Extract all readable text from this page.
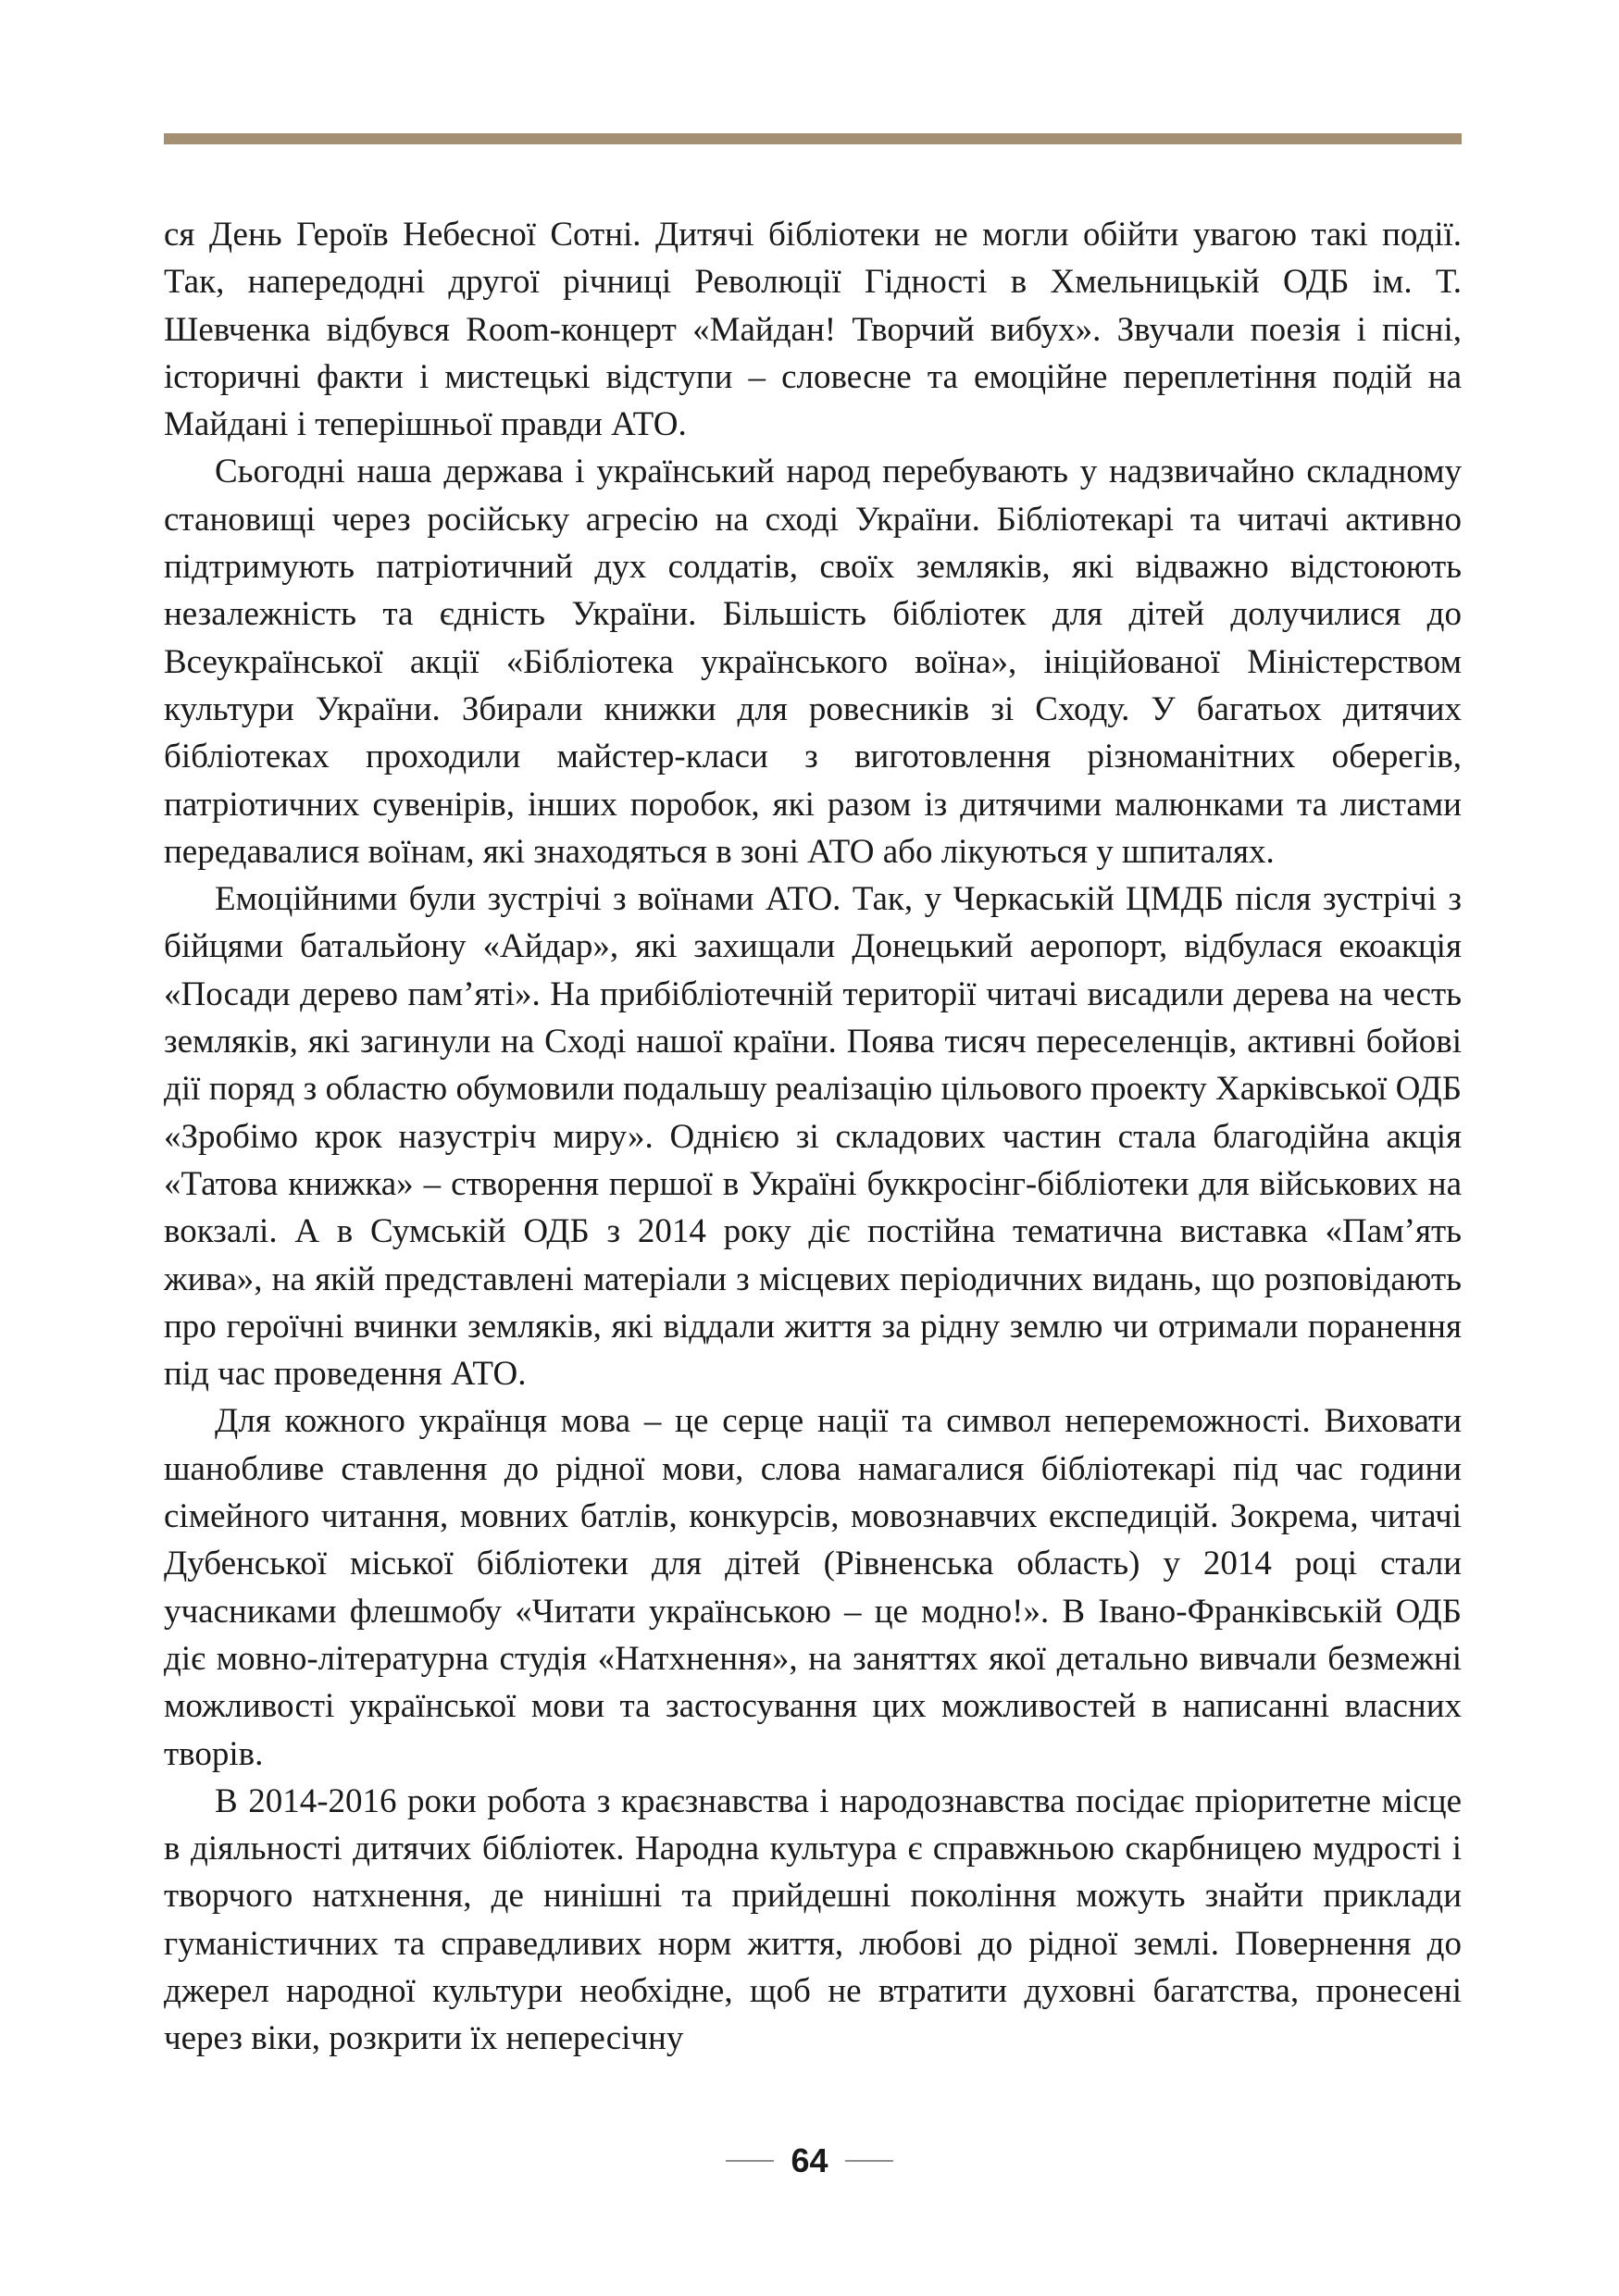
ся День Героїв Небесної Сотні. Дитячі бібліотеки не могли обійти увагою такі події. Так, напередодні другої річниці Революції Гідності в Хмельницькій ОДБ ім. Т. Шевченка відбувся Room-концерт «Майдан! Творчий вибух». Звучали поезія і пісні, історичні факти і мистецькі відступи – словесне та емоційне переплетіння подій на Майдані і теперішньої правди АТО.

Сьогодні наша держава і український народ перебувають у надзвичайно складному становищі через російську агресію на сході України. Бібліотекарі та читачі активно підтримують патріотичний дух солдатів, своїх земляків, які відважно відстоюють незалежність та єдність України. Більшість бібліотек для дітей долучилися до Всеукраїнської акції «Бібліотека українського воїна», ініційованої Міністерством культури України. Збирали книжки для ровесників зі Сходу. У багатьох дитячих бібліотеках проходили майстер-класи з виготовлення різноманітних оберегів, патріотичних сувенірів, інших поробок, які разом із дитячими малюнками та листами передавалися воїнам, які знаходяться в зоні АТО або лікуються у шпиталях.

Емоційними були зустрічі з воїнами АТО. Так, у Черкаській ЦМДБ після зустрічі з бійцями батальйону «Айдар», які захищали Донецький аеропорт, відбулася екоакція «Посади дерево пам’яті». На прибібліотечній території читачі висадили дерева на честь земляків, які загинули на Сході нашої країни. Поява тисяч переселенців, активні бойові дії поряд з областю обумовили подальшу реалізацію цільового проекту Харківської ОДБ «Зробімо крок назустріч миру». Однією зі складових частин стала благодійна акція «Татова книжка» – створення першої в Україні буккросінг-бібліотеки для військових на вокзалі. А в Сумській ОДБ з 2014 року діє постійна тематична виставка «Пам’ять жива», на якій представлені матеріали з місцевих періодичних видань, що розповідають про героїчні вчинки земляків, які віддали життя за рідну землю чи отримали поранення під час проведення АТО.

Для кожного українця мова – це серце нації та символ непереможності. Виховати шанобливе ставлення до рідної мови, слова намагалися бібліотекарі під час години сімейного читання, мовних батлів, конкурсів, мовознавчих експедицій. Зокрема, читачі Дубенської міської бібліотеки для дітей (Рівненська область) у 2014 році стали учасниками флешмобу «Читати українською – це модно!». В Івано-Франківській ОДБ діє мовно-літературна студія «Натхнення», на заняттях якої детально вивчали безмежні можливості української мови та застосування цих можливостей в написанні власних творів.

В 2014-2016 роки робота з краєзнавства і народознавства посідає пріоритетне місце в діяльності дитячих бібліотек. Народна культура є справжньою скарбницею мудрості і творчого натхнення, де нинішні та прийдешні покоління можуть знайти приклади гуманістичних та справедливих норм життя, любові до рідної землі. Повернення до джерел народної культури необхідне, щоб не втратити духовні багатства, пронесені через віки, розкрити їх непересічну

64
